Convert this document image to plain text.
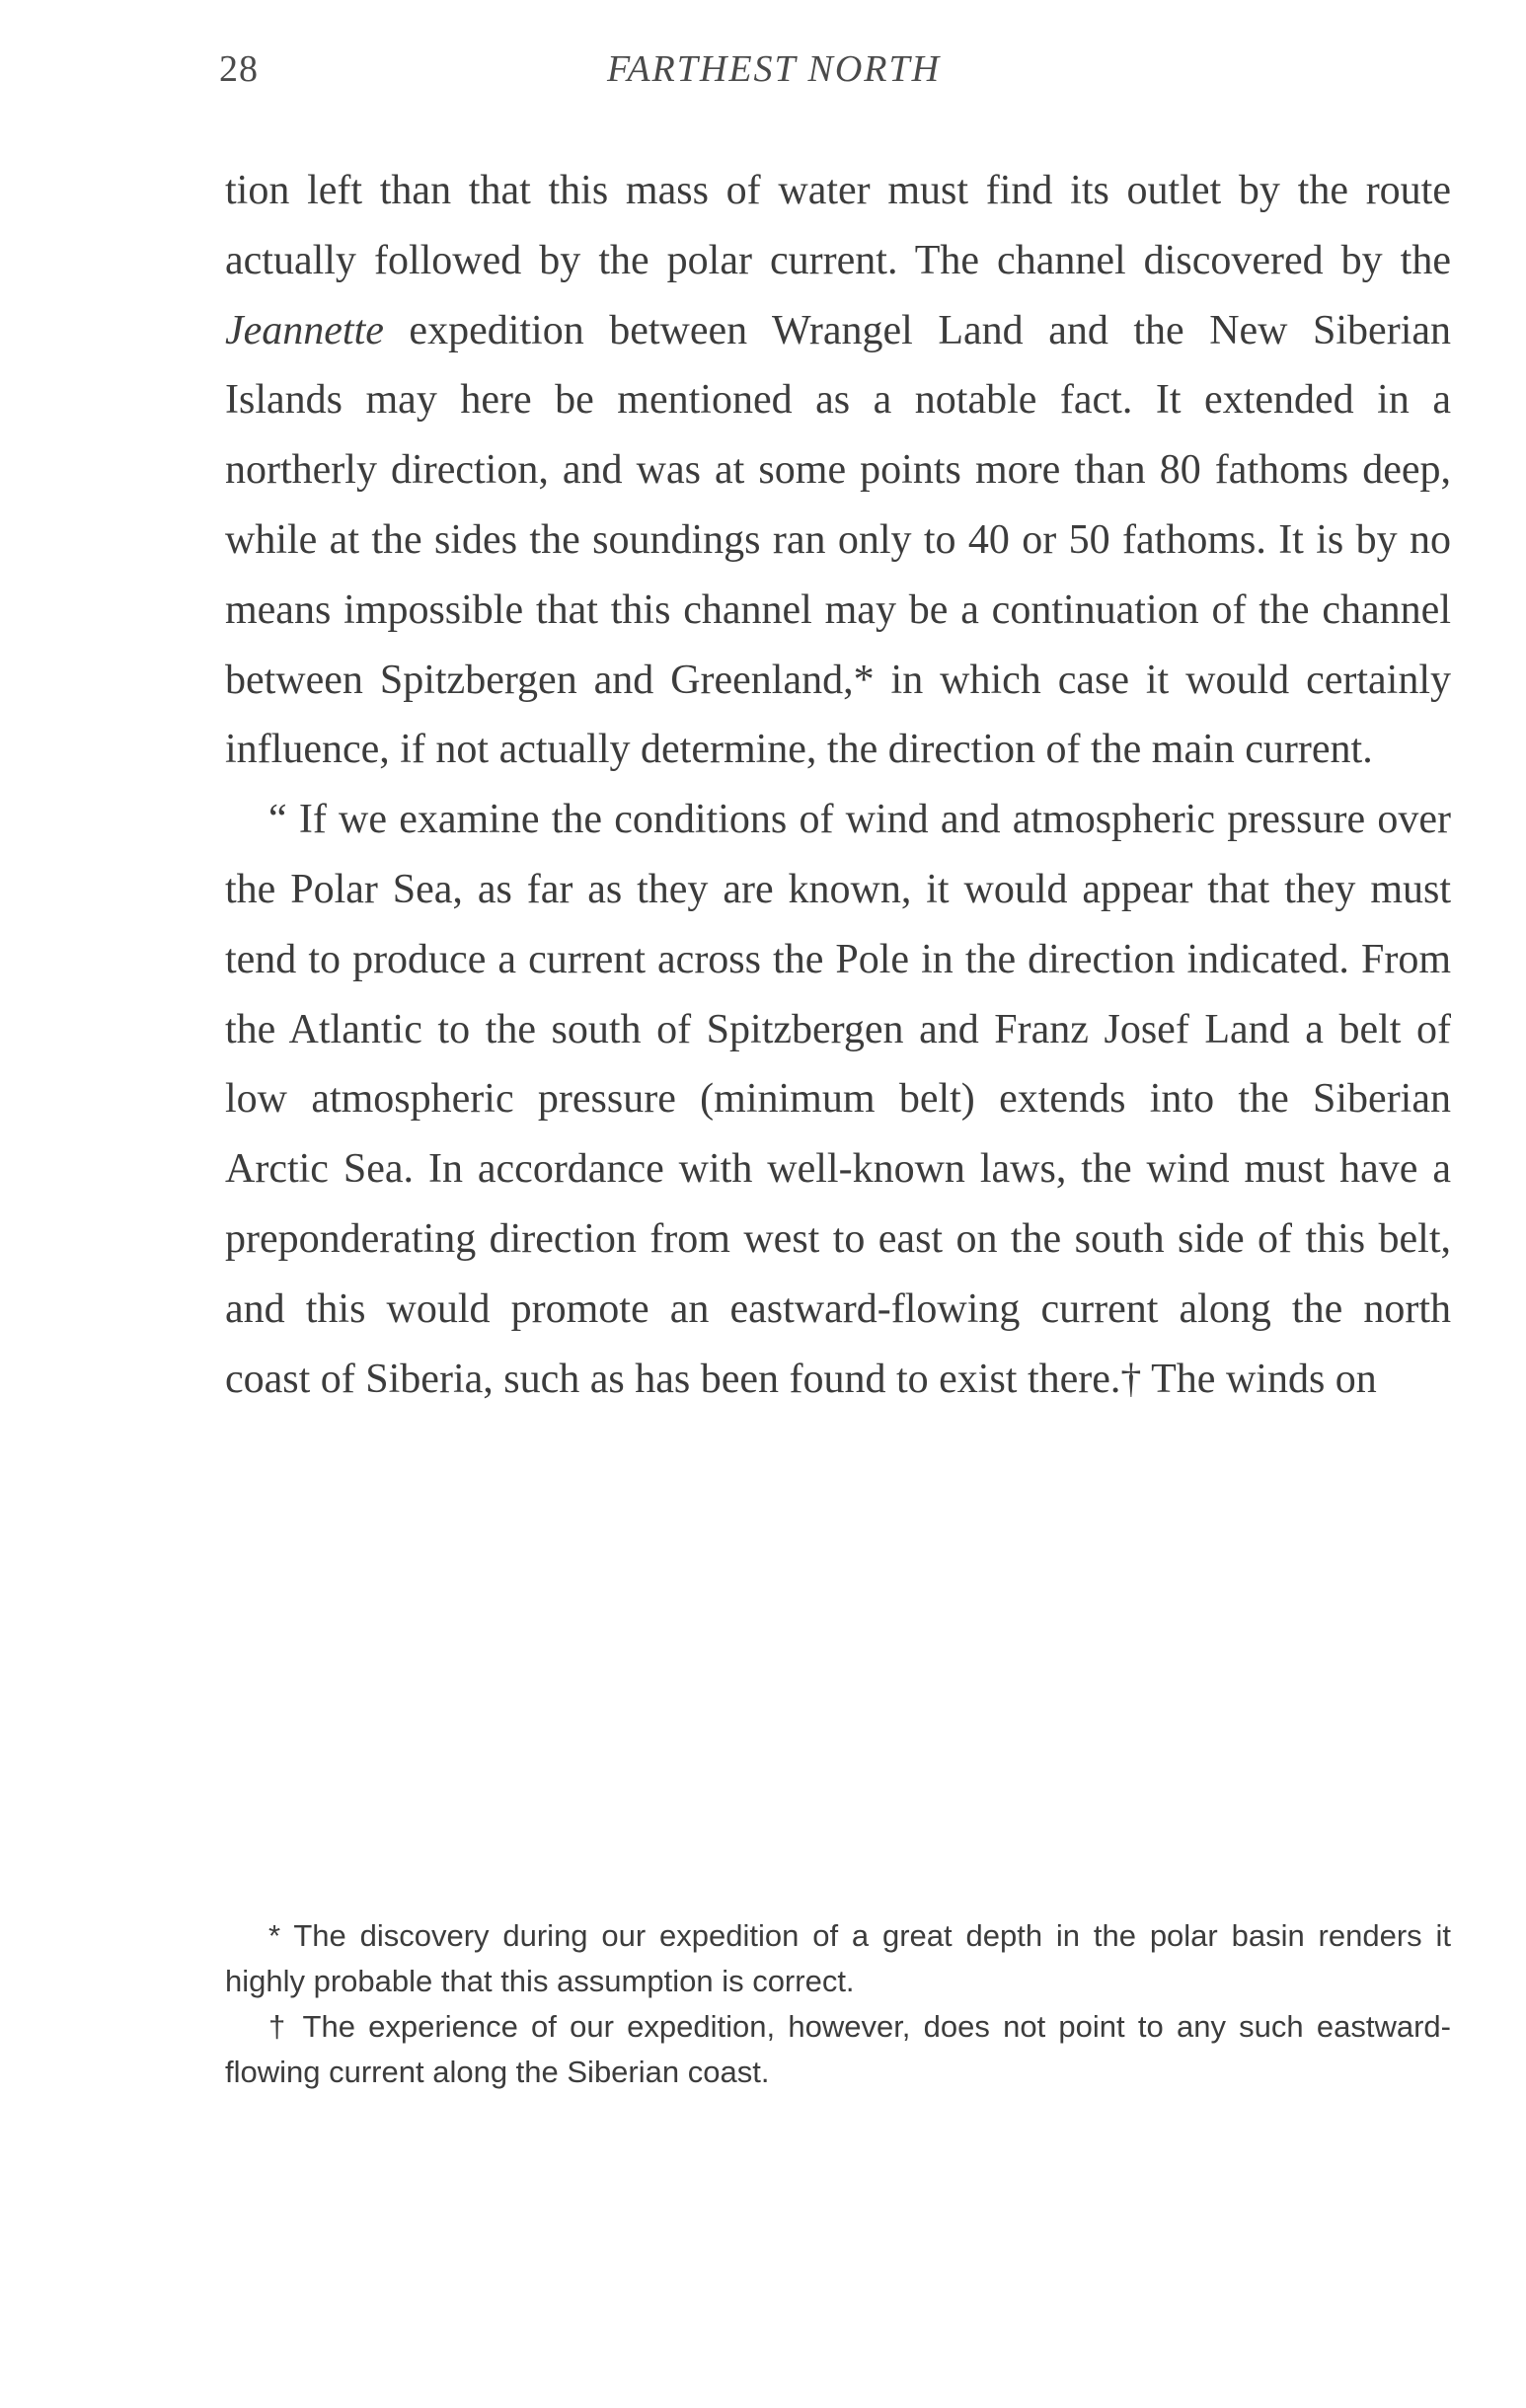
28	FARTHEST NORTH

tion left than that this mass of water must find its outlet by the route actually followed by the polar current. The channel discovered by the Jeannette expedition between Wrangel Land and the New Siberian Islands may here be mentioned as a notable fact. It extended in a northerly direction, and was at some points more than 80 fathoms deep, while at the sides the soundings ran only to 40 or 50 fathoms. It is by no means impossible that this channel may be a continuation of the channel between Spitzbergen and Greenland,* in which case it would certainly influence, if not actually determine, the direction of the main current.

“ If we examine the conditions of wind and atmospheric pressure over the Polar Sea, as far as they are known, it would appear that they must tend to produce a current across the Pole in the direction indicated. From the Atlantic to the south of Spitzbergen and Franz Josef Land a belt of low atmospheric pressure (minimum belt) extends into the Siberian Arctic Sea. In accordance with well-known laws, the wind must have a preponderating direction from west to east on the south side of this belt, and this would promote an eastward-flowing current along the north coast of Siberia, such as has been found to exist there.† The winds on

* The discovery during our expedition of a great depth in the polar basin renders it highly probable that this assumption is correct.

† The experience of our expedition, however, does not point to any such eastward-flowing current along the Siberian coast.
